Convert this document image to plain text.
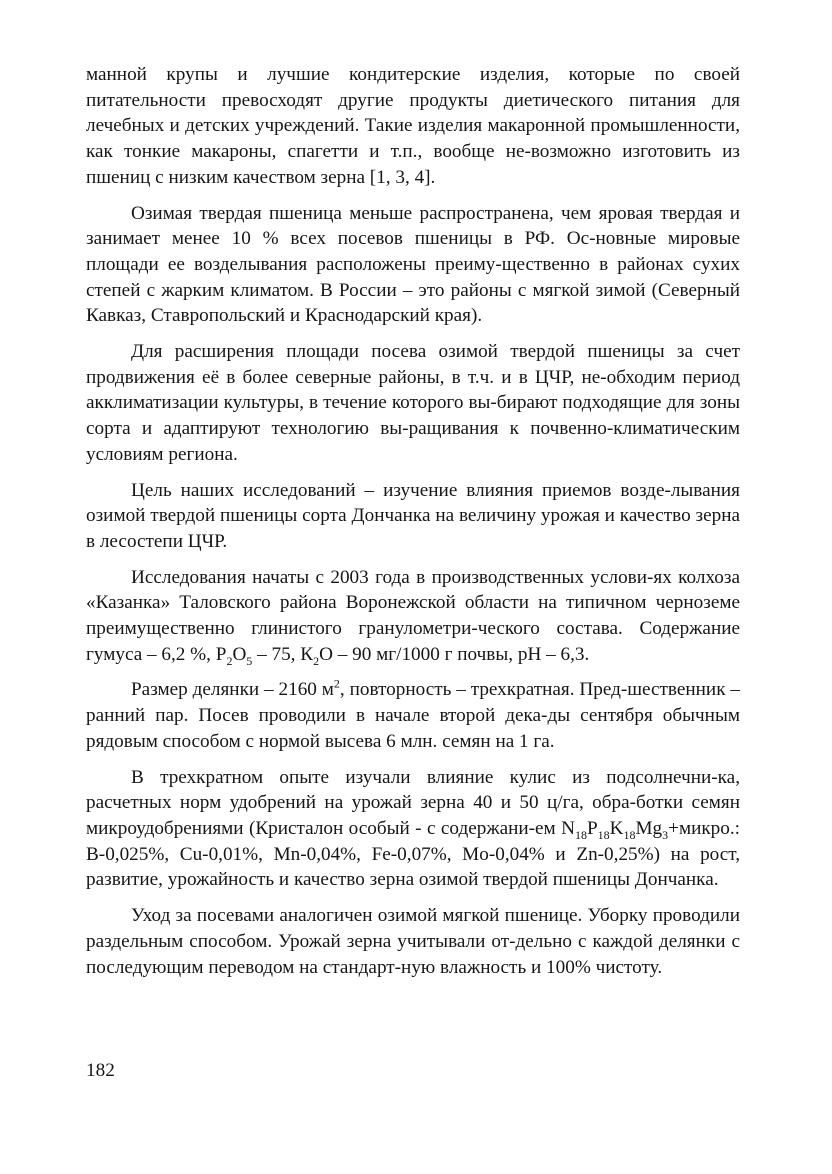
манной крупы и лучшие кондитерские изделия, которые по своей питательности превосходят другие продукты диетического питания для лечебных и детских учреждений. Такие изделия макаронной промышленности, как тонкие макароны, спагетти и т.п., вообще не-возможно изготовить из пшениц с низким качеством зерна [1, 3, 4].

Озимая твердая пшеница меньше распространена, чем яровая твердая и занимает менее 10 % всех посевов пшеницы в РФ. Ос-новные мировые площади ее возделывания расположены преиму-щественно в районах сухих степей с жарким климатом. В России – это районы с мягкой зимой (Северный Кавказ, Ставропольский и Краснодарский края).

Для расширения площади посева озимой твердой пшеницы за счет продвижения её в более северные районы, в т.ч. и в ЦЧР, не-обходим период акклиматизации культуры, в течение которого вы-бирают подходящие для зоны сорта и адаптируют технологию вы-ращивания к почвенно-климатическим условиям региона.

Цель наших исследований – изучение влияния приемов возде-лывания озимой твердой пшеницы сорта Дончанка на величину урожая и качество зерна в лесостепи ЦЧР.

Исследования начаты с 2003 года в производственных услови-ях колхоза «Казанка» Таловского района Воронежской области на типичном черноземе преимущественно глинистого гранулометри-ческого состава. Содержание гумуса – 6,2 %, $Р_2О_5 - 75$, $К_2О - 90$ мг/1000 г почвы, рН – 6,3.

Размер делянки – 2160 $м^2$, повторность – трехкратная. Пред-шественник – ранний пар. Посев проводили в начале второй дека-ды сентября обычным рядовым способом с нормой высева 6 млн. семян на 1 га.

В трехкратном опыте изучали влияние кулис из подсолнечни-ка, расчетных норм удобрений на урожай зерна 40 и 50 ц/га, обра-ботки семян микроудобрениями (Кристалон особый - с содержани-ем $N_{18}P_{18}K_{18}Mg_3+микро$.: B-0,025%, Cu-0,01%, Mn-0,04%, Fe-0,07%, Mo-0,04% и Zn-0,25%) на рост, развитие, урожайность и качество зерна озимой твердой пшеницы Дончанка.

Уход за посевами аналогичен озимой мягкой пшенице. Уборку проводили раздельным способом. Урожай зерна учитывали от-дельно с каждой делянки с последующим переводом на стандарт-ную влажность и 100% чистоту.

182
